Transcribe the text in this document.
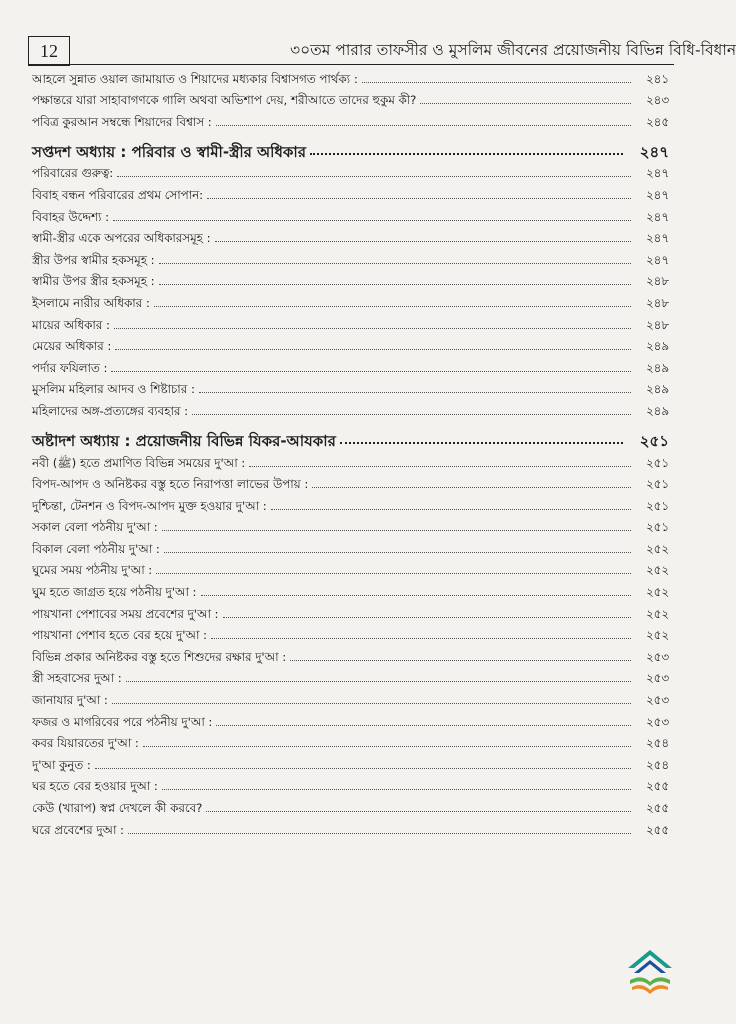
12	৩০তম পারার তাফসীর ও মুসলিম জীবনের প্রয়োজনীয় বিভিন্ন বিধি-বিধান
আহলে সুন্নাত ওয়াল জামায়াত ও শিয়াদের মধ্যকার বিশ্বাসগত পার্থক্য :	২৪১
পক্ষান্তরে যারা সাহাবাগণকে গালি অথবা অভিশাপ দেয়, শরীআতে তাদের হুকুম কী?	২৪৩
পবিত্র কুরআন সম্বন্ধে শিয়াদের বিশ্বাস :	২৪৫
সপ্তদশ অধ্যায় : পরিবার ও স্বামী-স্ত্রীর অধিকার	২৪৭
পরিবারের গুরুত্ব:	২৪৭
বিবাহ বন্ধন পরিবারের প্রথম সোপান:	২৪৭
বিবাহর উদ্দেশ্য :	২৪৭
স্বামী-স্ত্রীর একে অপরের অধিকারসমূহ :	২৪৭
স্ত্রীর উপর স্বামীর হকসমূহ :	২৪৭
স্বামীর উপর স্ত্রীর হকসমূহ :	২৪৮
ইসলামে নারীর অধিকার :	২৪৮
মায়ের অধিকার :	২৪৮
মেয়ের অধিকার :	২৪৯
পর্দার ফযিলাত :	২৪৯
মুসলিম মহিলার আদব ও শিষ্টাচার :	২৪৯
মহিলাদের অঙ্গ-প্রত্যঙ্গের ব্যবহার :	২৪৯
অষ্টাদশ অধ্যায় : প্রয়োজনীয় বিভিন্ন যিকর-আযকার	২৫১
নবী (ﷺ) হতে প্রমাণিত বিভিন্ন সময়ের দু'আ :	২৫১
বিপদ-আপদ ও অনিষ্টকর বস্তু হতে নিরাপত্তা লাভের উপায় :	২৫১
দুশ্চিন্তা, টেনশন ও বিপদ-আপদ মুক্ত হওয়ার দু'আ :	২৫১
সকাল বেলা পঠনীয় দু'আ :	২৫১
বিকাল বেলা পঠনীয় দু'আ :	২৫২
ঘুমের সময় পঠনীয় দু'আ :	২৫২
ঘুম হতে জাগ্রত হয়ে পঠনীয় দু'আ :	২৫২
পায়খানা পেশাবের সময় প্রবেশের দু'আ :	২৫২
পায়খানা পেশাব হতে বের হয়ে দু'আ :	২৫২
বিভিন্ন প্রকার অনিষ্টকর বস্তু হতে শিশুদের রক্ষার দু'আ :	২৫৩
স্ত্রী সহবাসের দুআ :	২৫৩
জানাযার দু'আ :	২৫৩
ফজর ও মাগরিবের পরে পঠনীয় দু'আ :	২৫৩
কবর যিয়ারতের দু'আ :	২৫৪
দু'আ কুনুত :	২৫৪
ঘর হতে বের হওয়ার দুআ :	২৫৫
কেউ (খারাপ) স্বপ্ন দেখলে কী করবে?	২৫৫
ঘরে প্রবেশের দুআ :	২৫৫
